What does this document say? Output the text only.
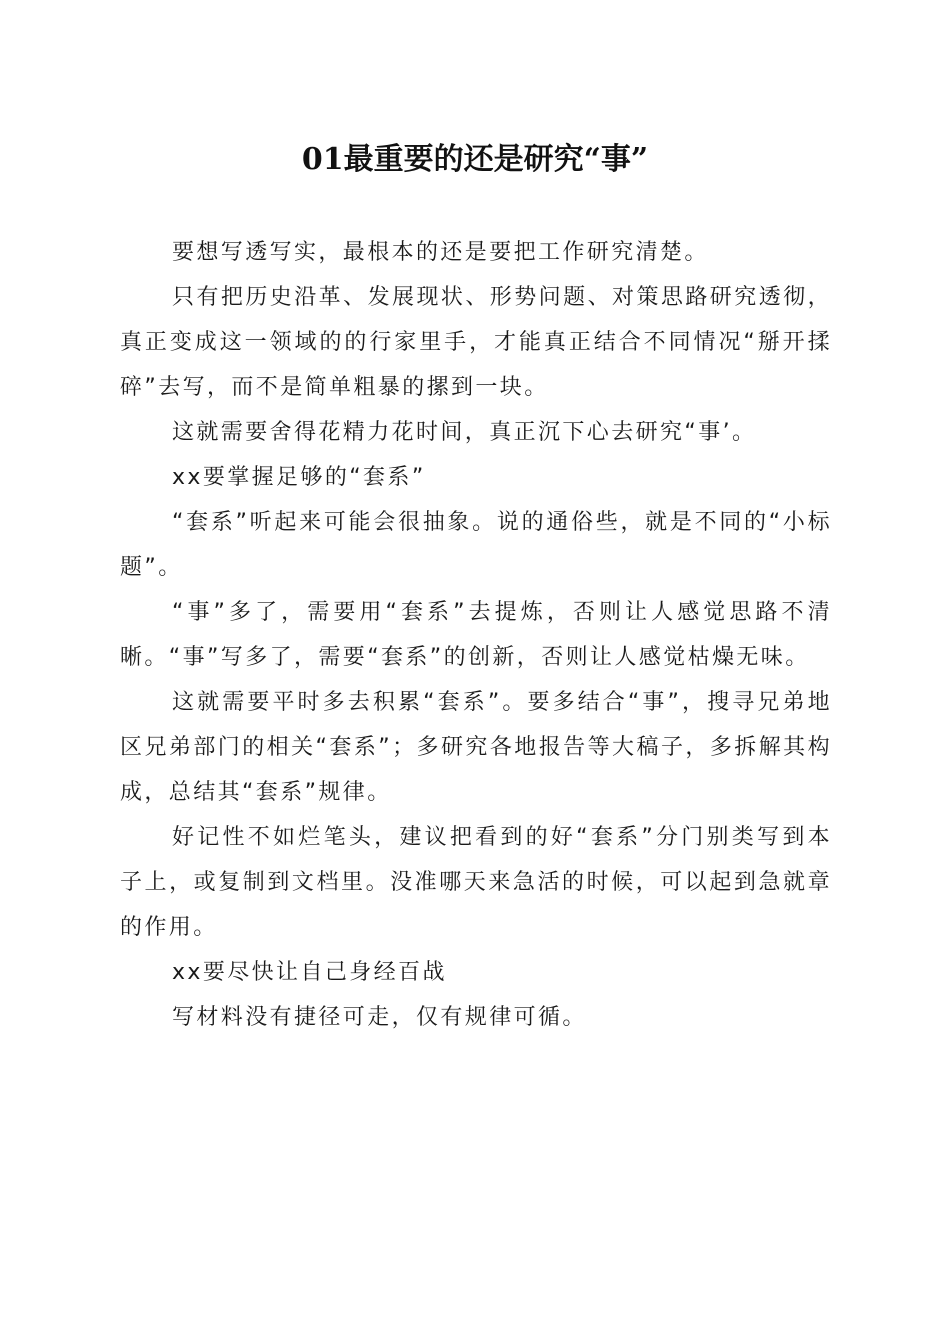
01最重要的还是研究“事”

要想写透写实，最根本的还是要把工作研究清楚。

只有把历史沿革、发展现状、形势问题、对策思路研究透彻，真正变成这一领域的的行家里手，才能真正结合不同情况“掰开揉碎”去写，而不是简单粗暴的摞到一块。

这就需要舍得花精力花时间，真正沉下心去研究“事’。

xx要掌握足够的“套系”

“套系”听起来可能会很抽象。说的通俗些，就是不同的“小标题”。

“事”多了，需要用“套系”去提炼，否则让人感觉思路不清晰。“事”写多了，需要“套系”的创新，否则让人感觉枯燥无味。

这就需要平时多去积累“套系”。要多结合“事”，搜寻兄弟地区兄弟部门的相关“套系”；多研究各地报告等大稿子，多拆解其构成，总结其“套系”规律。

好记性不如烂笔头，建议把看到的好“套系”分门别类写到本子上，或复制到文档里。没准哪天来急活的时候，可以起到急就章的作用。

xx要尽快让自己身经百战

写材料没有捷径可走，仅有规律可循。
